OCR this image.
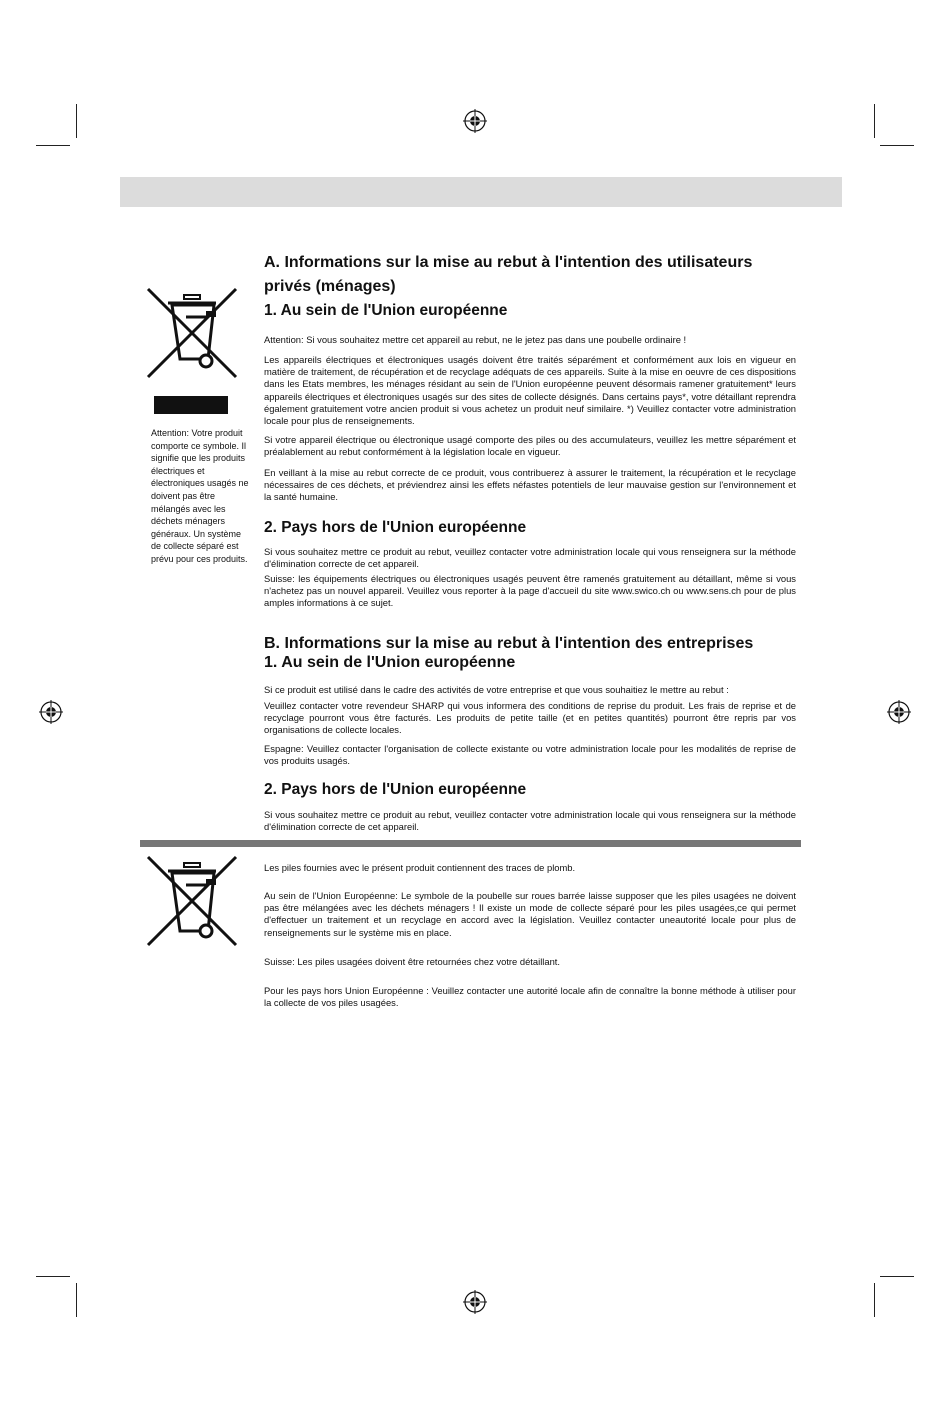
Attention: Votre produit comporte ce symbole. Il signifie que les produits électriques et électroniques usagés ne doivent pas être mélangés avec les déchets ménagers généraux. Un système de collecte séparé est prévu pour ces produits.

A. Informations sur la mise au rebut à l'intention des utilisateurs
privés (ménages)
1. Au sein de l'Union européenne

Attention: Si vous souhaitez mettre cet appareil au rebut, ne le jetez pas dans une poubelle ordinaire !

Les appareils électriques et électroniques usagés doivent être traités séparément et conformément aux lois en vigueur en matière de traitement, de récupération et de recyclage adéquats de ces appareils. Suite à la mise en oeuvre de ces dispositions dans les Etats membres, les ménages résidant au sein de l'Union européenne peuvent désormais ramener gratuitement* leurs appareils électriques et électroniques usagés sur des sites de collecte désignés. Dans certains pays*, votre détaillant reprendra également gratuitement votre ancien produit si vous achetez un produit neuf similaire. *) Veuillez contacter votre administration locale pour plus de renseignements.

Si votre appareil électrique ou électronique usagé comporte des piles ou des accumulateurs, veuillez les mettre séparément et préalablement au rebut conformément à la législation locale en vigueur.

En veillant à la mise au rebut correcte de ce produit, vous contribuerez à assurer le traitement, la récupération et le recyclage nécessaires de ces déchets, et préviendrez ainsi les effets néfastes potentiels de leur mauvaise gestion sur l'environnement et la santé humaine.

2. Pays hors de l'Union européenne

Si vous souhaitez mettre ce produit au rebut, veuillez contacter votre administration locale qui vous renseignera sur la méthode d'élimination correcte de cet appareil.

Suisse: les équipements électriques ou électroniques usagés peuvent être ramenés gratuitement au détaillant, même si vous n'achetez pas un nouvel appareil. Veuillez vous reporter à la page d'accueil du site www.swico.ch ou www.sens.ch pour de plus amples informations à ce sujet.

B. Informations sur la mise au rebut à l'intention des entreprises
1. Au sein de l'Union européenne

Si ce produit est utilisé dans le cadre des activités de votre entreprise et que vous souhaitiez le mettre au rebut :

Veuillez contacter votre revendeur SHARP qui vous informera des conditions de reprise du produit. Les frais de reprise et de recyclage pourront vous être facturés. Les produits de petite taille (et en petites quantités) pourront être repris par vos organisations de collecte locales.

Espagne: Veuillez contacter l'organisation de collecte existante ou votre administration locale pour les modalités de reprise de vos produits usagés.

2. Pays hors de l'Union européenne

Si vous souhaitez mettre ce produit au rebut, veuillez contacter votre administration locale qui vous renseignera sur la méthode d'élimination correcte de cet appareil.

Les piles fournies avec le présent produit contiennent des traces de plomb.

Au sein de l'Union Européenne: Le symbole de la poubelle sur roues barrée laisse supposer que les piles usagées ne doivent pas être mélangées avec les déchets ménagers ! Il existe un mode de collecte séparé pour les piles usagées,ce qui permet d'effectuer un traitement et un recyclage en accord avec la législation. Veuillez contacter uneautorité locale pour plus de renseignements sur le système mis en place.

Suisse: Les piles usagées doivent être retournées chez votre détaillant.

Pour les pays hors Union Européenne : Veuillez contacter une autorité locale afin de connaître la bonne méthode à utiliser pour la collecte de vos piles usagées.
